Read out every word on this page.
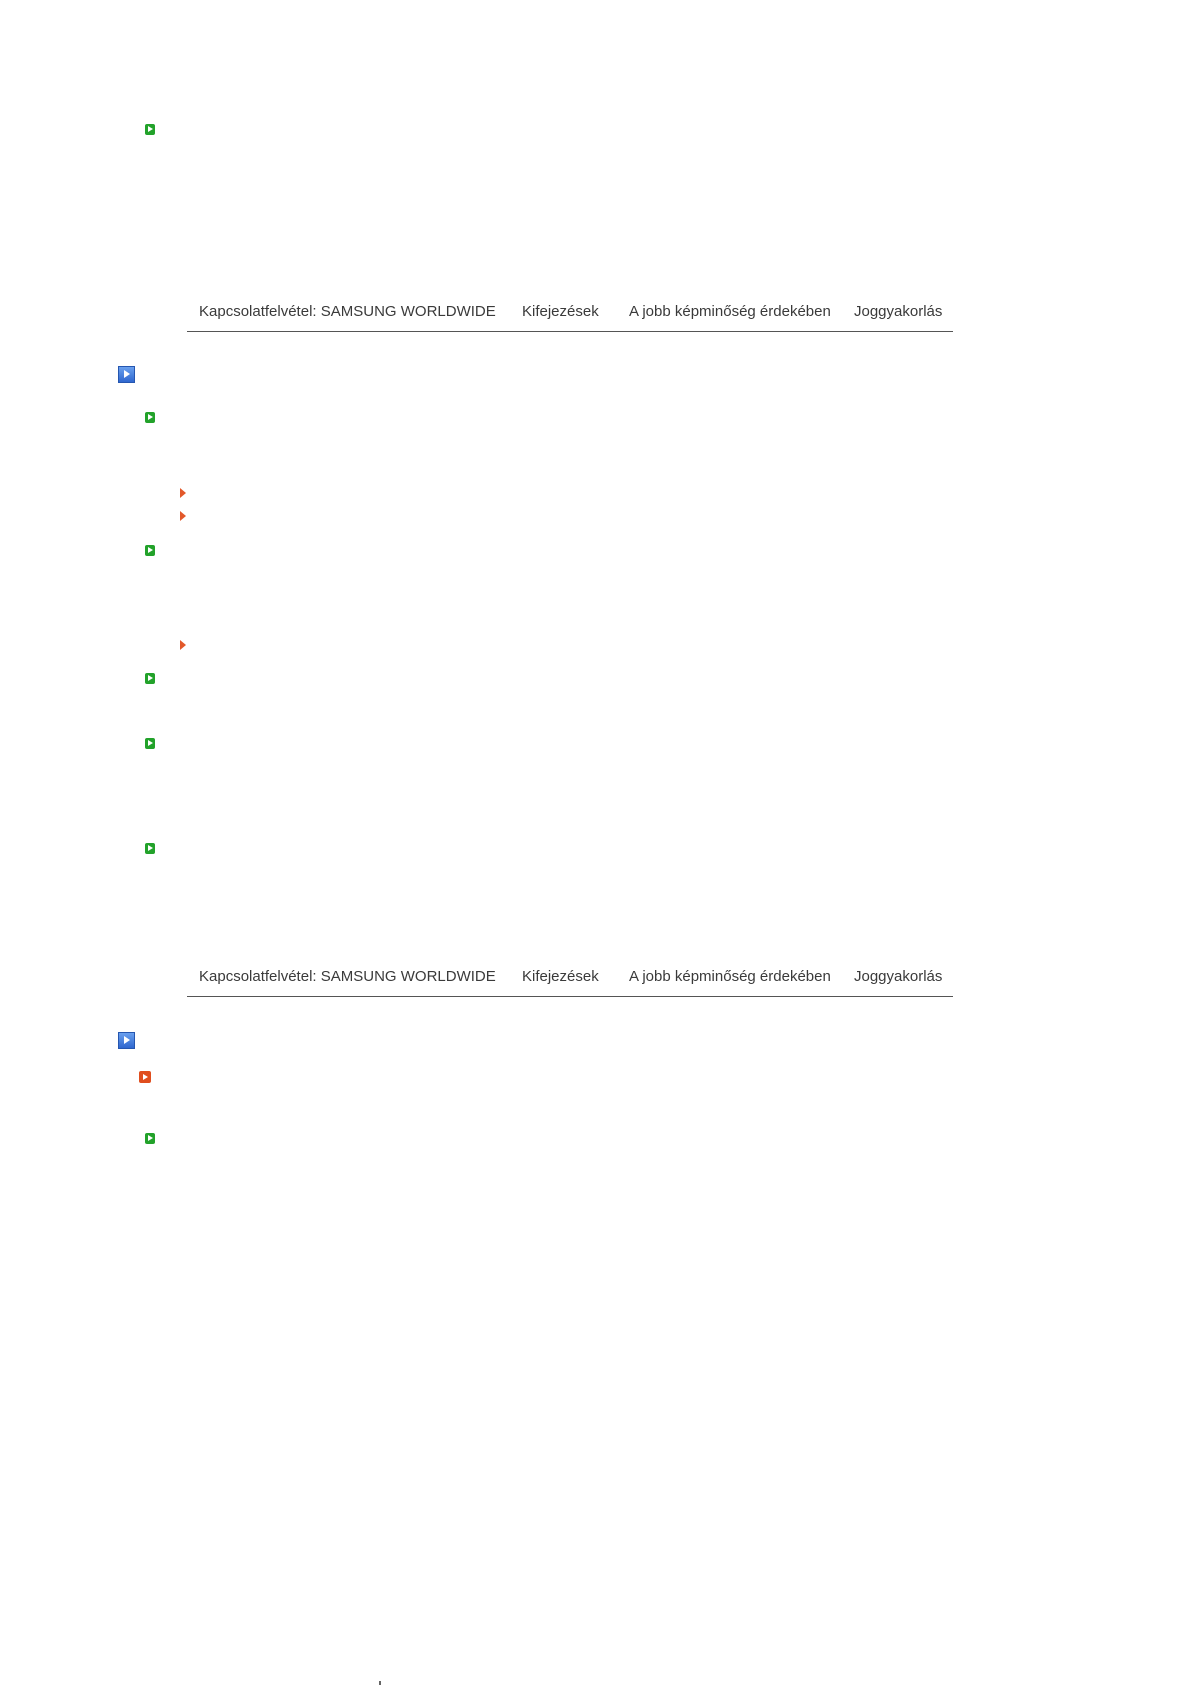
Kapcsolatfelvétel: SAMSUNG WORLDWIDE Kifejezések A jobb képminőség érdekében Joggyakorlás
Kapcsolatfelvétel: SAMSUNG WORLDWIDE Kifejezések A jobb képminőség érdekében Joggyakorlás
